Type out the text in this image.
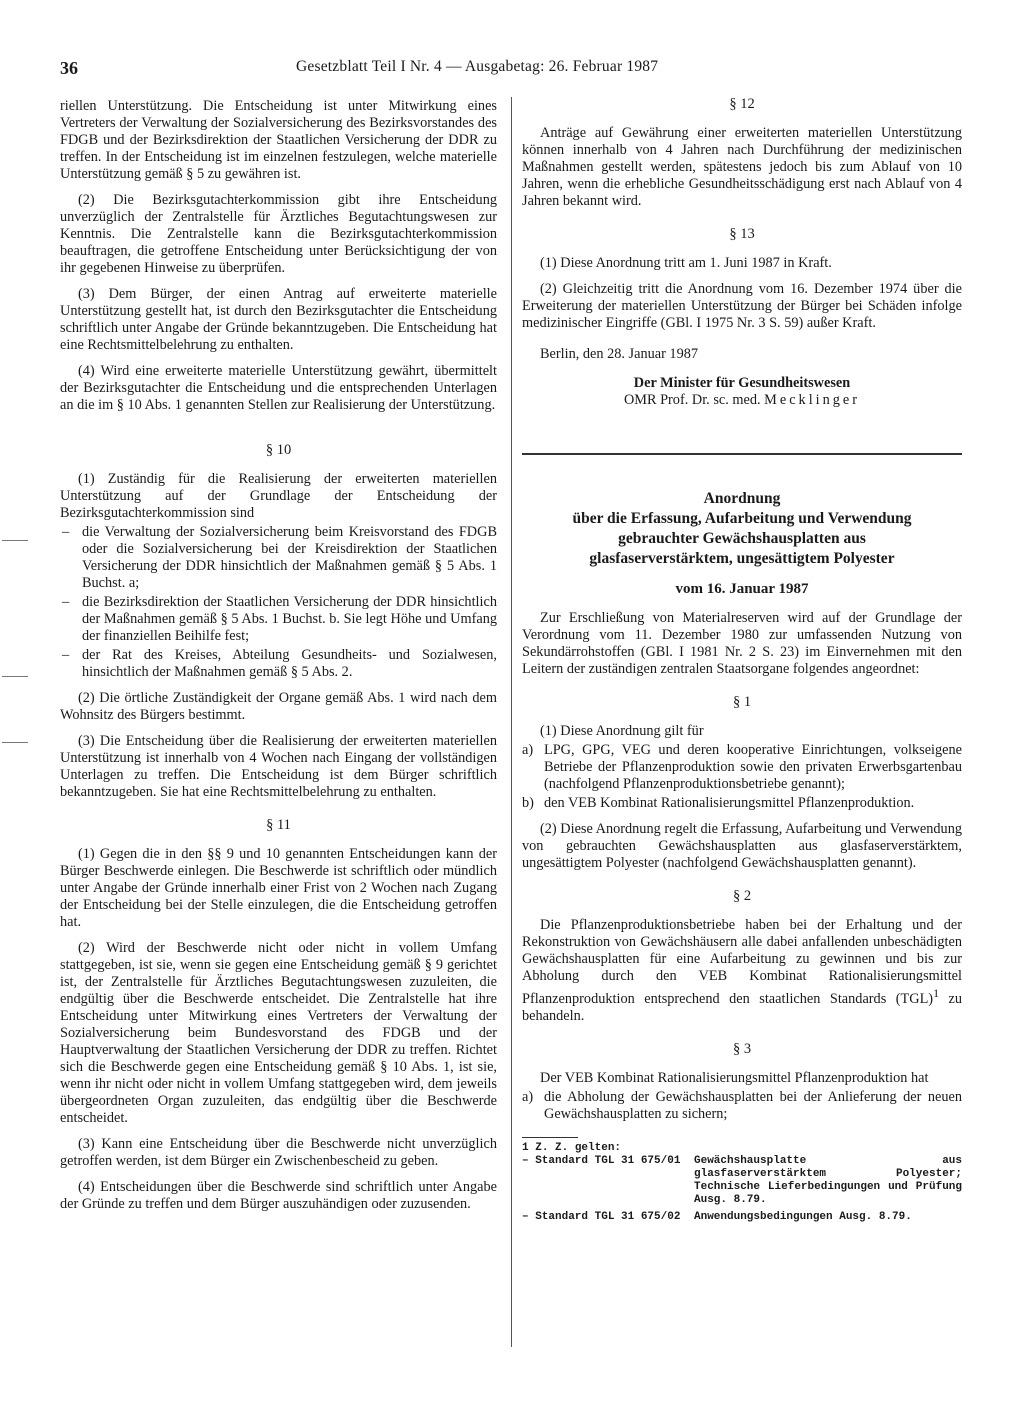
36	Gesetzblatt Teil I Nr. 4 — Ausgabetag: 26. Februar 1987

riellen Unterstützung. Die Entscheidung ist unter Mitwirkung eines Vertreters der Verwaltung der Sozialversicherung des Bezirksvorstandes des FDGB und der Bezirksdirektion der Staatlichen Versicherung der DDR zu treffen. In der Entscheidung ist im einzelnen festzulegen, welche materielle Unterstützung gemäß § 5 zu gewähren ist.

(2) Die Bezirksgutachterkommission gibt ihre Entscheidung unverzüglich der Zentralstelle für Ärztliches Begutachtungswesen zur Kenntnis. Die Zentralstelle kann die Bezirksgutachterkommission beauftragen, die getroffene Entscheidung unter Berücksichtigung der von ihr gegebenen Hinweise zu überprüfen.

(3) Dem Bürger, der einen Antrag auf erweiterte materielle Unterstützung gestellt hat, ist durch den Bezirksgutachter die Entscheidung schriftlich unter Angabe der Gründe bekanntzugeben. Die Entscheidung hat eine Rechtsmittelbelehrung zu enthalten.

(4) Wird eine erweiterte materielle Unterstützung gewährt, übermittelt der Bezirksgutachter die Entscheidung und die entsprechenden Unterlagen an die im § 10 Abs. 1 genannten Stellen zur Realisierung der Unterstützung.

§ 10

(1) Zuständig für die Realisierung der erweiterten materiellen Unterstützung auf der Grundlage der Entscheidung der Bezirksgutachterkommission sind

– die Verwaltung der Sozialversicherung beim Kreisvorstand des FDGB oder die Sozialversicherung bei der Kreisdirektion der Staatlichen Versicherung der DDR hinsichtlich der Maßnahmen gemäß § 5 Abs. 1 Buchst. a;
– die Bezirksdirektion der Staatlichen Versicherung der DDR hinsichtlich der Maßnahmen gemäß § 5 Abs. 1 Buchst. b. Sie legt Höhe und Umfang der finanziellen Beihilfe fest;
– der Rat des Kreises, Abteilung Gesundheits- und Sozialwesen, hinsichtlich der Maßnahmen gemäß § 5 Abs. 2.

(2) Die örtliche Zuständigkeit der Organe gemäß Abs. 1 wird nach dem Wohnsitz des Bürgers bestimmt.

(3) Die Entscheidung über die Realisierung der erweiterten materiellen Unterstützung ist innerhalb von 4 Wochen nach Eingang der vollständigen Unterlagen zu treffen. Die Entscheidung ist dem Bürger schriftlich bekanntzugeben. Sie hat eine Rechtsmittelbelehrung zu enthalten.

§ 11

(1) Gegen die in den §§ 9 und 10 genannten Entscheidungen kann der Bürger Beschwerde einlegen. Die Beschwerde ist schriftlich oder mündlich unter Angabe der Gründe innerhalb einer Frist von 2 Wochen nach Zugang der Entscheidung bei der Stelle einzulegen, die die Entscheidung getroffen hat.

(2) Wird der Beschwerde nicht oder nicht in vollem Umfang stattgegeben, ist sie, wenn sie gegen eine Entscheidung gemäß § 9 gerichtet ist, der Zentralstelle für Ärztliches Begutachtungswesen zuzuleiten, die endgültig über die Beschwerde entscheidet. Die Zentralstelle hat ihre Entscheidung unter Mitwirkung eines Vertreters der Verwaltung der Sozialversicherung beim Bundesvorstand des FDGB und der Hauptverwaltung der Staatlichen Versicherung der DDR zu treffen. Richtet sich die Beschwerde gegen eine Entscheidung gemäß § 10 Abs. 1, ist sie, wenn ihr nicht oder nicht in vollem Umfang stattgegeben wird, dem jeweils übergeordneten Organ zuzuleiten, das endgültig über die Beschwerde entscheidet.

(3) Kann eine Entscheidung über die Beschwerde nicht unverzüglich getroffen werden, ist dem Bürger ein Zwischenbescheid zu geben.

(4) Entscheidungen über die Beschwerde sind schriftlich unter Angabe der Gründe zu treffen und dem Bürger auszuhändigen oder zuzusenden.

§ 12

Anträge auf Gewährung einer erweiterten materiellen Unterstützung können innerhalb von 4 Jahren nach Durchführung der medizinischen Maßnahmen gestellt werden, spätestens jedoch bis zum Ablauf von 10 Jahren, wenn die erhebliche Gesundheitsschädigung erst nach Ablauf von 4 Jahren bekannt wird.

§ 13

(1) Diese Anordnung tritt am 1. Juni 1987 in Kraft.

(2) Gleichzeitig tritt die Anordnung vom 16. Dezember 1974 über die Erweiterung der materiellen Unterstützung der Bürger bei Schäden infolge medizinischer Eingriffe (GBl. I 1975 Nr. 3 S. 59) außer Kraft.

Berlin, den 28. Januar 1987

Der Minister für Gesundheitswesen
OMR Prof. Dr. sc. med. Mecklinger
Anordnung
über die Erfassung, Aufarbeitung und Verwendung
gebrauchter Gewächshausplatten aus
glasfaserverstärktem, ungesättigtem Polyester
vom 16. Januar 1987

Zur Erschließung von Materialreserven wird auf der Grundlage der Verordnung vom 11. Dezember 1980 zur umfassenden Nutzung von Sekundärrohstoffen (GBl. I 1981 Nr. 2 S. 23) im Einvernehmen mit den Leitern der zuständigen zentralen Staatsorgane folgendes angeordnet:

§ 1

(1) Diese Anordnung gilt für

a) LPG, GPG, VEG und deren kooperative Einrichtungen, volkseigene Betriebe der Pflanzenproduktion sowie den privaten Erwerbsgartenbau (nachfolgend Pflanzenproduktionsbetriebe genannt);
b) den VEB Kombinat Rationalisierungsmittel Pflanzenproduktion.

(2) Diese Anordnung regelt die Erfassung, Aufarbeitung und Verwendung von gebrauchten Gewächshausplatten aus glasfaserverstärktem, ungesättigtem Polyester (nachfolgend Gewächshausplatten genannt).

§ 2

Die Pflanzenproduktionsbetriebe haben bei der Erhaltung und der Rekonstruktion von Gewächshäusern alle dabei anfallenden unbeschädigten Gewächshausplatten für eine Aufarbeitung zu gewinnen und bis zur Abholung durch den VEB Kombinat Rationalisierungsmittel Pflanzenproduktion entsprechend den staatlichen Standards (TGL)$^1$ zu behandeln.

§ 3

Der VEB Kombinat Rationalisierungsmittel Pflanzenproduktion hat

a) die Abholung der Gewächshausplatten bei der Anlieferung der neuen Gewächshausplatten zu sichern;
1 Z. Z. gelten:
– Standard TGL 31 675/01	Gewächshausplatte aus glasfaserverstärktem Polyester; Technische Lieferbedingungen und Prüfung Ausg. 8.79.
– Standard TGL 31 675/02	Anwendungsbedingungen Ausg. 8.79.
